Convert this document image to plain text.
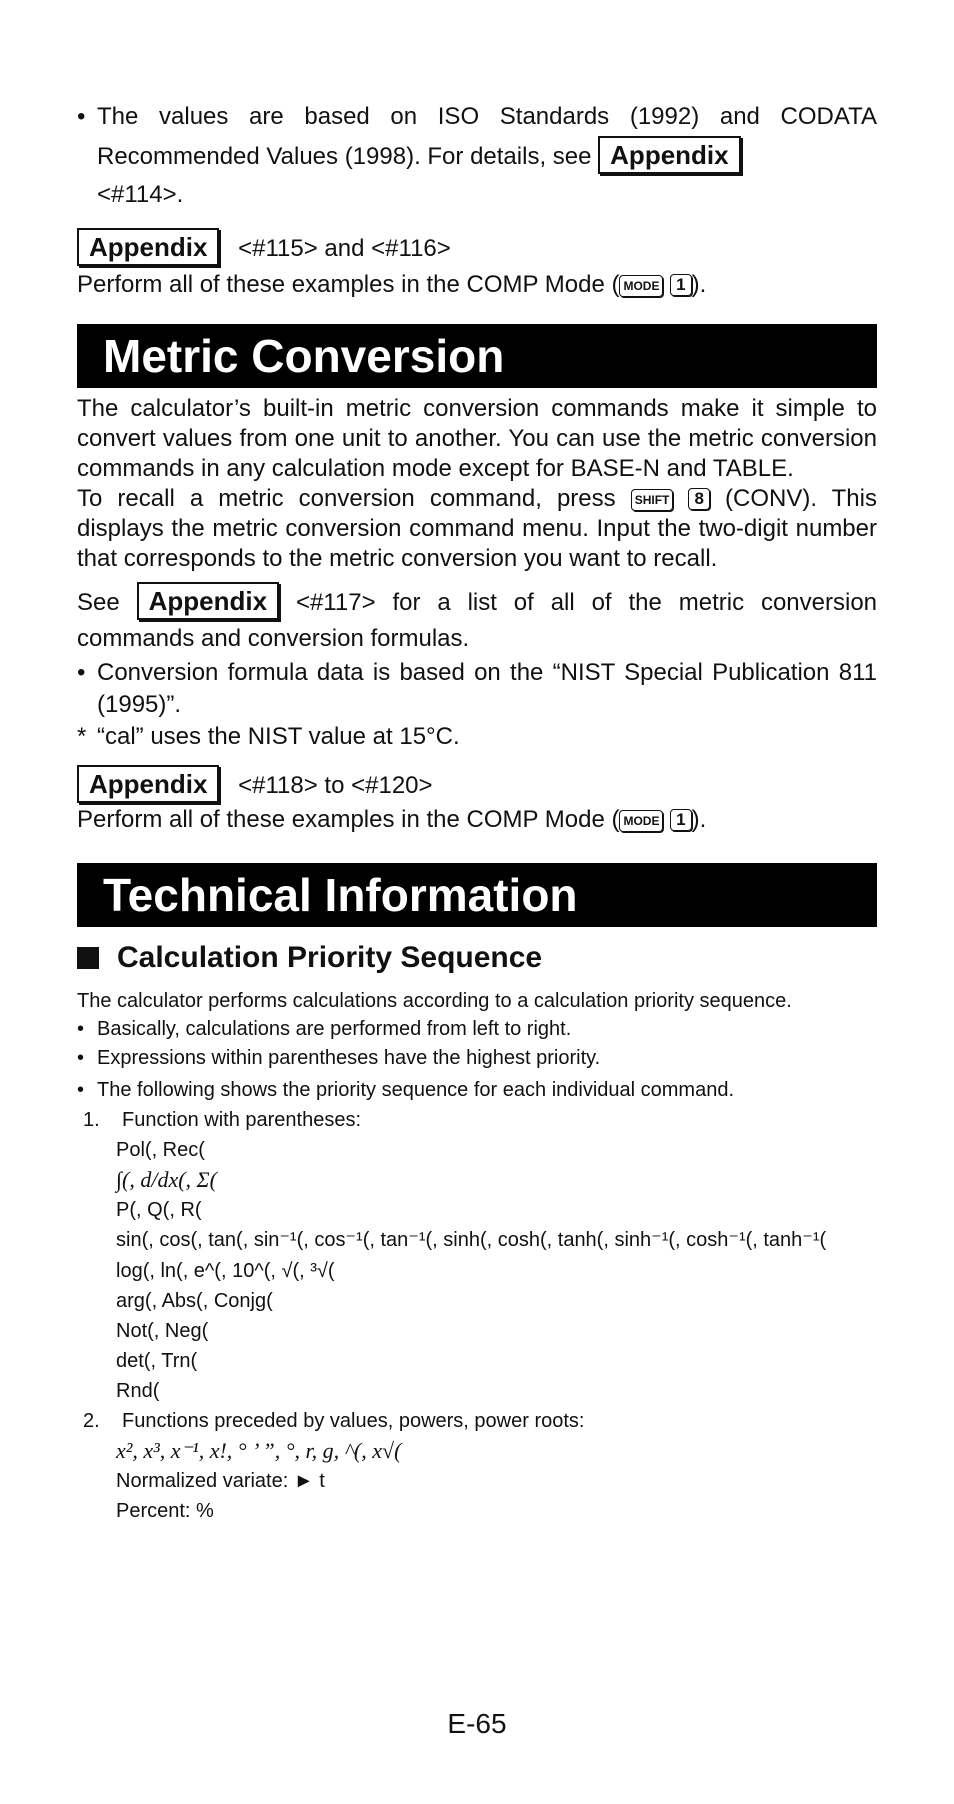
• The values are based on ISO Standards (1992) and CODATA Recommended Values (1998). For details, see Appendix
<#114>.
Appendix <#115> and <#116>
Perform all of these examples in the COMP Mode ( MODE 1 ).
Metric Conversion
The calculator’s built-in metric conversion commands make it simple to convert values from one unit to another. You can use the metric conversion commands in any calculation mode except for BASE-N and TABLE.
To recall a metric conversion command, press SHIFT 8 (CONV). This displays the metric conversion command menu. Input the two-digit number that corresponds to the metric conversion you want to recall.
See Appendix <#117> for a list of all of the metric conversion commands and conversion formulas.
• Conversion formula data is based on the “NIST Special Publication 811 (1995)”.
* “cal” uses the NIST value at 15°C.
Appendix <#118> to <#120>
Perform all of these examples in the COMP Mode ( MODE 1 ).
Technical Information
Calculation Priority Sequence
The calculator performs calculations according to a calculation priority sequence.
• Basically, calculations are performed from left to right.
• Expressions within parentheses have the highest priority.
• The following shows the priority sequence for each individual command.
1.	Function with parentheses:
Pol(, Rec(
∫(, d/dx(, Σ(
P(, Q(, R(
sin(, cos(, tan(, sin⁻¹(, cos⁻¹(, tan⁻¹(, sinh(, cosh(, tanh(, sinh⁻¹(, cosh⁻¹(, tanh⁻¹(
log(, ln(, e^(, 10^(, √(, ³√(
arg(, Abs(, Conjg(
Not(, Neg(
det(, Trn(
Rnd(
2.	Functions preceded by values, powers, power roots:
x², x³, x⁻¹, x!, ° ’ ”, °, r, g, ^(, x√(
Normalized variate: ► t
Percent: %
E-65
